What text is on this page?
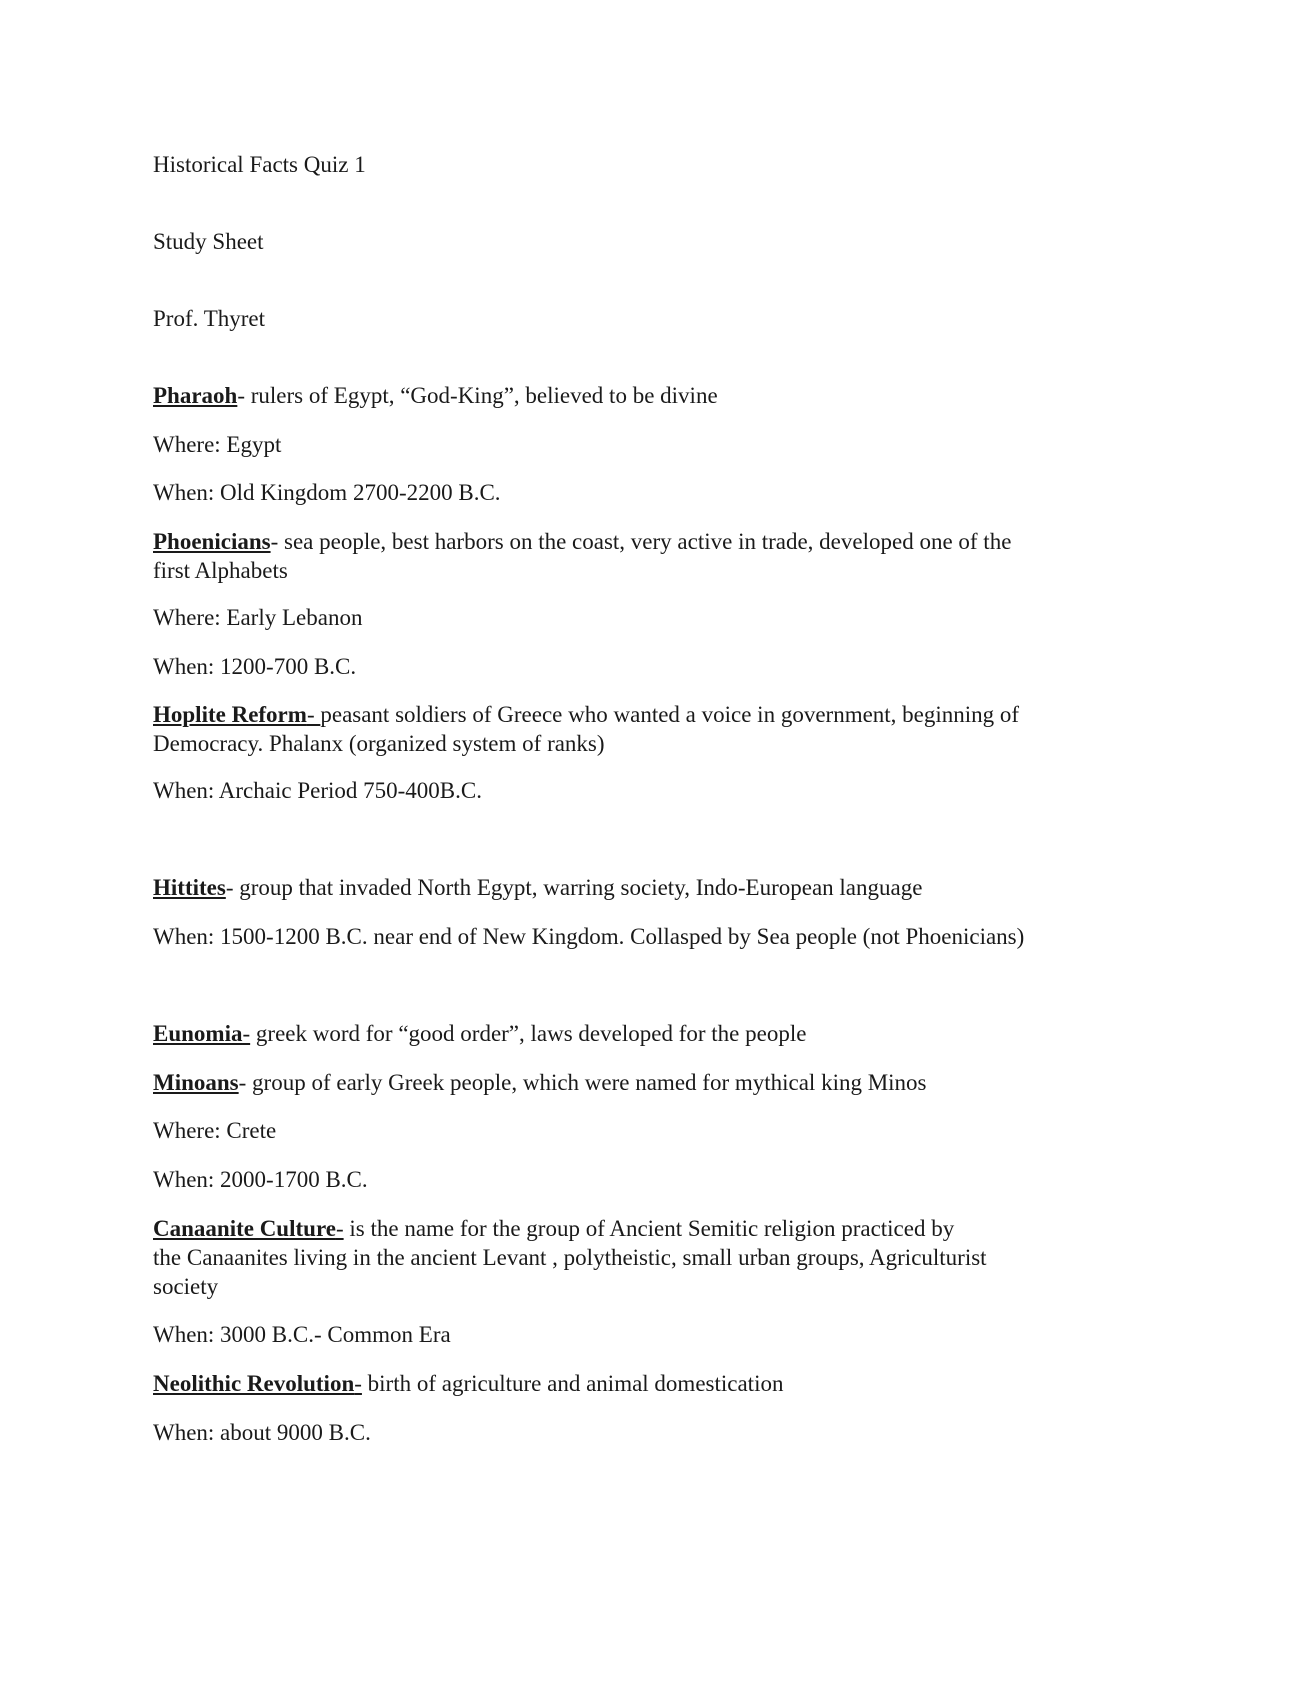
Historical Facts Quiz 1
Study Sheet
Prof. Thyret
Pharaoh- rulers of Egypt, “God-King”, believed to be divine
Where: Egypt
When: Old Kingdom 2700-2200 B.C.
Phoenicians- sea people, best harbors on the coast, very active in trade, developed one of the
first Alphabets
Where: Early Lebanon
When: 1200-700 B.C.
Hoplite Reform- peasant soldiers of Greece who wanted a voice in government, beginning of
Democracy. Phalanx (organized system of ranks)
When: Archaic Period 750-400B.C.
Hittites- group that invaded North Egypt, warring society, Indo-European language
When: 1500-1200 B.C. near end of New Kingdom. Collasped by Sea people (not Phoenicians)
Eunomia- greek word for “good order”, laws developed for the people
Minoans- group of early Greek people, which were named for mythical king Minos
Where: Crete
When: 2000-1700 B.C.
Canaanite Culture- is the name for the group of Ancient Semitic religion practiced by
the Canaanites living in the ancient Levant , polytheistic, small urban groups, Agriculturist
society
When: 3000 B.C.- Common Era
Neolithic Revolution- birth of agriculture and animal domestication
When: about 9000 B.C.
